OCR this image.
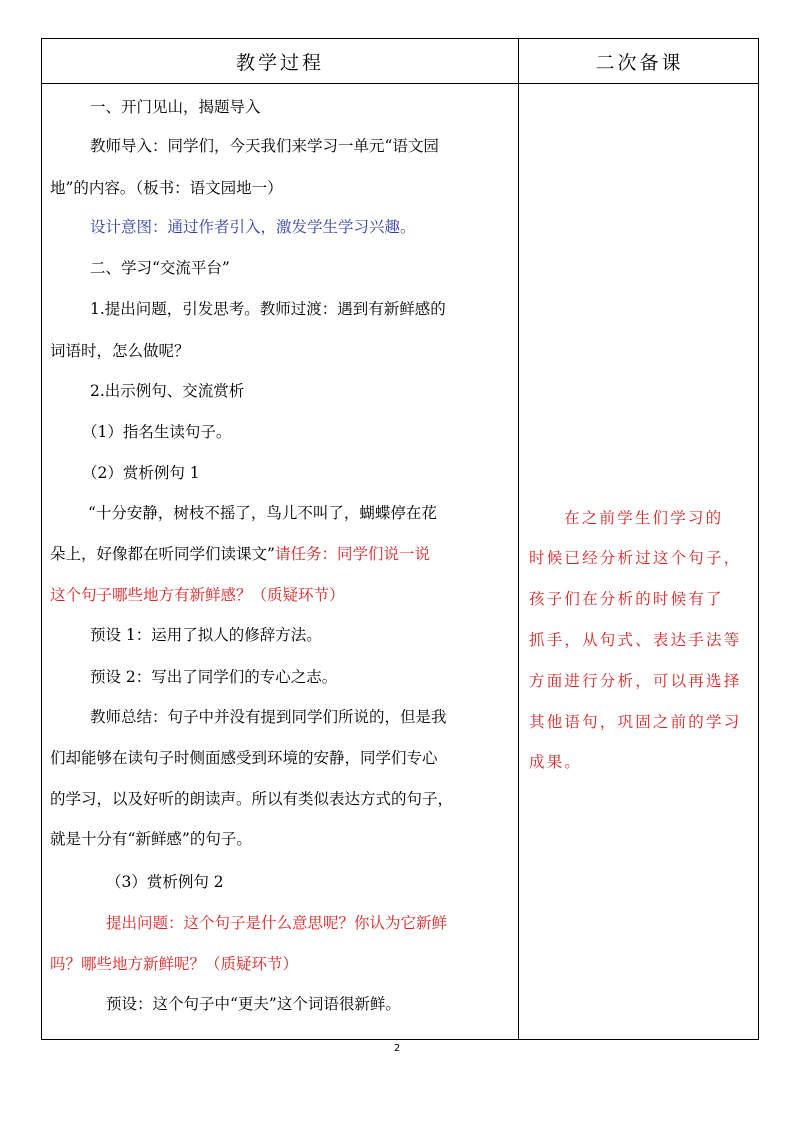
教学过程	二次备课
一、开门见山，揭题导入
教师导入：同学们，今天我们来学习一单元“语文园
地”的内容。（板书：语文园地一）
设计意图：通过作者引入，激发学生学习兴趣。
二、学习“交流平台”
1.提出问题，引发思考。教师过渡：遇到有新鲜感的
词语时，怎么做呢？
2.出示例句、交流赏析
（1）指名生读句子。
（2）赏析例句 1
“十分安静，树枝不摇了，鸟儿不叫了，蝴蝶停在花
朵上，好像都在听同学们读课文”请任务：同学们说一说
这个句子哪些地方有新鲜感？（质疑环节）
预设 1：运用了拟人的修辞方法。
预设 2：写出了同学们的专心之志。
教师总结：句子中并没有提到同学们所说的，但是我
们却能够在读句子时侧面感受到环境的安静，同学们专心
的学习，以及好听的朗读声。所以有类似表达方式的句子，
就是十分有“新鲜感”的句子。
（3）赏析例句 2
提出问题：这个句子是什么意思呢？你认为它新鲜
吗？哪些地方新鲜呢？（质疑环节）
预设：这个句子中“更夫”这个词语很新鲜。
在之前学生们学习的
时候已经分析过这个句子，
孩子们在分析的时候有了
抓手，从句式、表达手法等
方面进行分析，可以再选择
其他语句，巩固之前的学习
成果。
2
